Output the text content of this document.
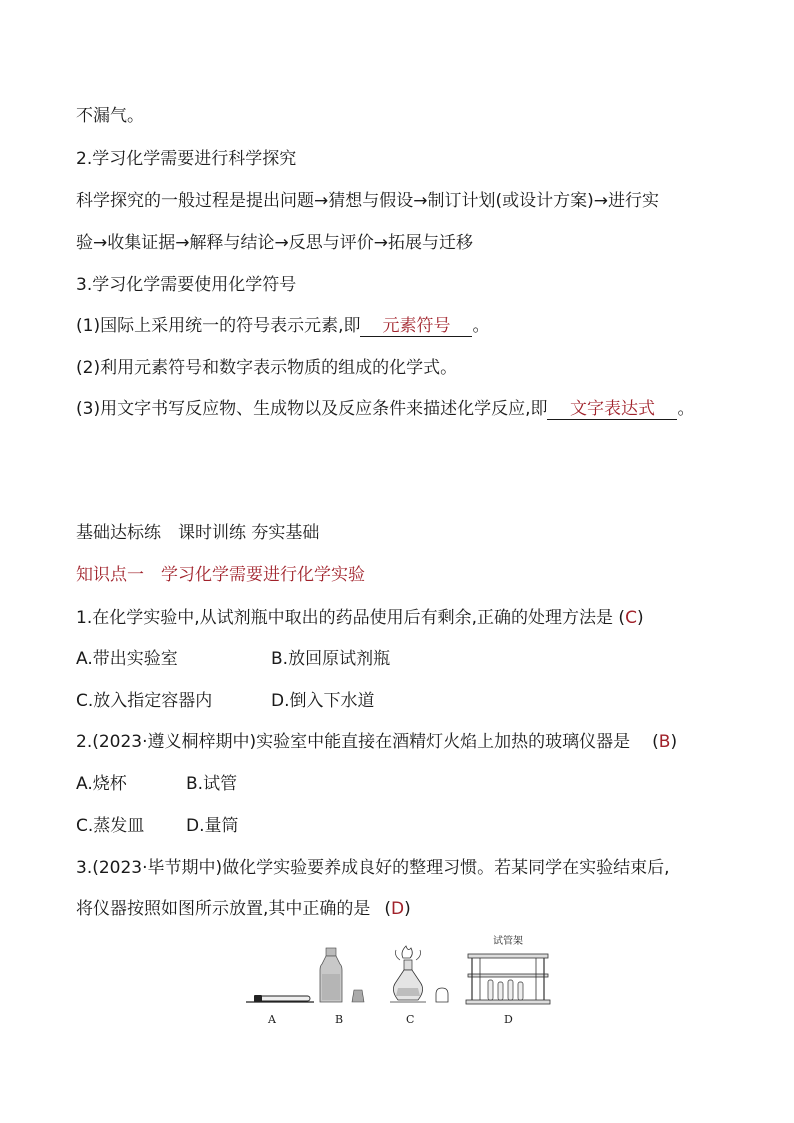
不漏气。
2.学习化学需要进行科学探究
科学探究的一般过程是提出问题→猜想与假设→制订计划(或设计方案)→进行实
验→收集证据→解释与结论→反思与评价→拓展与迁移
3.学习化学需要使用化学符号
(1)国际上采用统一的符号表示元素,即 元素符号 。
(2)利用元素符号和数字表示物质的组成的化学式。
(3)用文字书写反应物、生成物以及反应条件来描述化学反应,即 文字表达式 。
基础达标练　课时训练 夯实基础
知识点一　学习化学需要进行化学实验
1.在化学实验中,从试剂瓶中取出的药品使用后有剩余,正确的处理方法是 (C)
A.带出实验室	B.放回原试剂瓶
C.放入指定容器内	D.倒入下水道
2.(2023·遵义桐梓期中)实验室中能直接在酒精灯火焰上加热的玻璃仪器是 (B)
A.烧杯	B.试管
C.蒸发皿 D.量筒
3.(2023·毕节期中)做化学实验要养成良好的整理习惯。若某同学在实验结束后,
将仪器按照如图所示放置,其中正确的是 (D)
A	B	C
试管架
D
